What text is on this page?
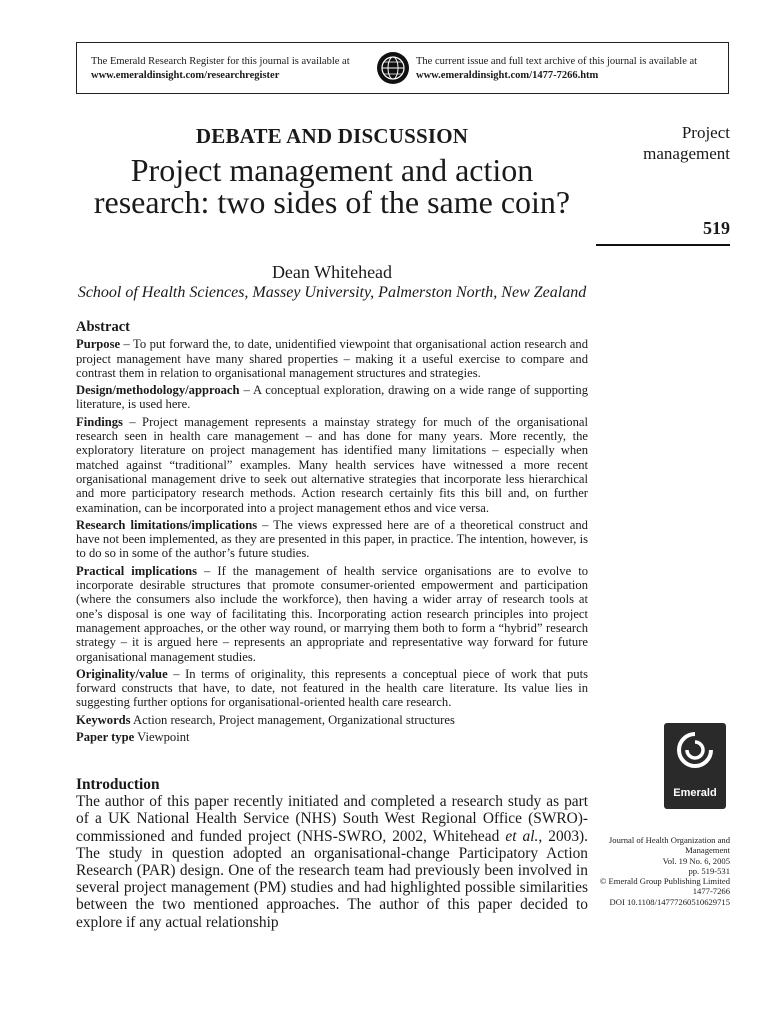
The Emerald Research Register for this journal is available at
www.emeraldinsight.com/researchregister
The current issue and full text archive of this journal is available at
www.emeraldinsight.com/1477-7266.htm
DEBATE AND DISCUSSION
Project management and action research: two sides of the same coin?
Dean Whitehead
School of Health Sciences, Massey University, Palmerston North, New Zealand
Project
management
519
Abstract

Purpose – To put forward the, to date, unidentified viewpoint that organisational action research and project management have many shared properties – making it a useful exercise to compare and contrast them in relation to organisational management structures and strategies.

Design/methodology/approach – A conceptual exploration, drawing on a wide range of supporting literature, is used here.

Findings – Project management represents a mainstay strategy for much of the organisational research seen in health care management – and has done for many years. More recently, the exploratory literature on project management has identified many limitations – especially when matched against “traditional” examples. Many health services have witnessed a more recent organisational management drive to seek out alternative strategies that incorporate less hierarchical and more participatory research methods. Action research certainly fits this bill and, on further examination, can be incorporated into a project management ethos and vice versa.

Research limitations/implications – The views expressed here are of a theoretical construct and have not been implemented, as they are presented in this paper, in practice. The intention, however, is to do so in some of the author’s future studies.

Practical implications – If the management of health service organisations are to evolve to incorporate desirable structures that promote consumer-oriented empowerment and participation (where the consumers also include the workforce), then having a wider array of research tools at one’s disposal is one way of facilitating this. Incorporating action research principles into project management approaches, or the other way round, or marrying them both to form a “hybrid” research strategy – it is argued here – represents an appropriate and representative way forward for future organisational management studies.

Originality/value – In terms of originality, this represents a conceptual piece of work that puts forward constructs that have, to date, not featured in the health care literature. Its value lies in suggesting further options for organisational-oriented health care research.

Keywords Action research, Project management, Organizational structures

Paper type Viewpoint

Introduction

The author of this paper recently initiated and completed a research study as part of a UK National Health Service (NHS) South West Regional Office (SWRO)-commissioned and funded project (NHS-SWRO, 2002, Whitehead et al., 2003). The study in question adopted an organisational-change Participatory Action Research (PAR) design. One of the research team had previously been involved in several project management (PM) studies and had highlighted possible similarities between the two mentioned approaches. The author of this paper decided to explore if any actual relationship

Emerald
Journal of Health Organization and
Management
Vol. 19 No. 6, 2005
pp. 519-531
© Emerald Group Publishing Limited
1477-7266
DOI 10.1108/14777260510629715
